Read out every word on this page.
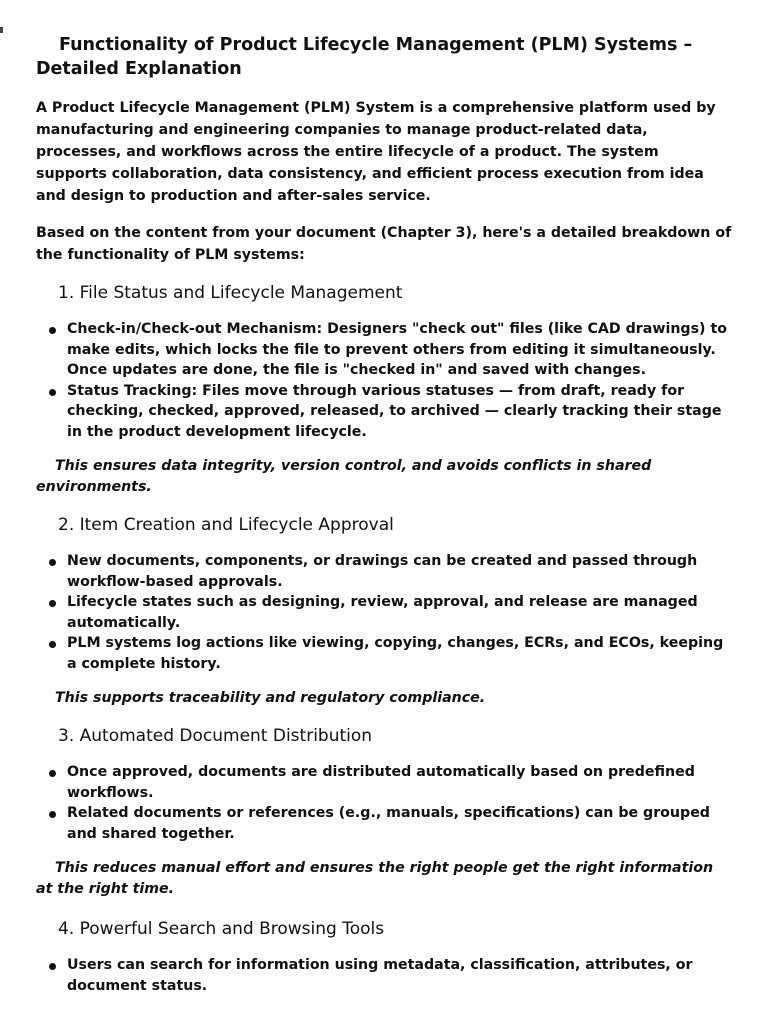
Functionality of Product Lifecycle Management (PLM) Systems – Detailed Explanation

A Product Lifecycle Management (PLM) System is a comprehensive platform used by manufacturing and engineering companies to manage product-related data, processes, and workflows across the entire lifecycle of a product. The system supports collaboration, data consistency, and efficient process execution from idea and design to production and after-sales service.

Based on the content from your document (Chapter 3), here's a detailed breakdown of the functionality of PLM systems:

1. File Status and Lifecycle Management
Check-in/Check-out Mechanism: Designers "check out" files (like CAD drawings) to make edits, which locks the file to prevent others from editing it simultaneously. Once updates are done, the file is "checked in" and saved with changes.
Status Tracking: Files move through various statuses — from draft, ready for checking, checked, approved, released, to archived — clearly tracking their stage in the product development lifecycle.

This ensures data integrity, version control, and avoids conflicts in shared environments.

2. Item Creation and Lifecycle Approval
New documents, components, or drawings can be created and passed through workflow-based approvals.
Lifecycle states such as designing, review, approval, and release are managed automatically.
PLM systems log actions like viewing, copying, changes, ECRs, and ECOs, keeping a complete history.

This supports traceability and regulatory compliance.

3. Automated Document Distribution
Once approved, documents are distributed automatically based on predefined workflows.
Related documents or references (e.g., manuals, specifications) can be grouped and shared together.

This reduces manual effort and ensures the right people get the right information at the right time.

4. Powerful Search and Browsing Tools
Users can search for information using metadata, classification, attributes, or document status.
